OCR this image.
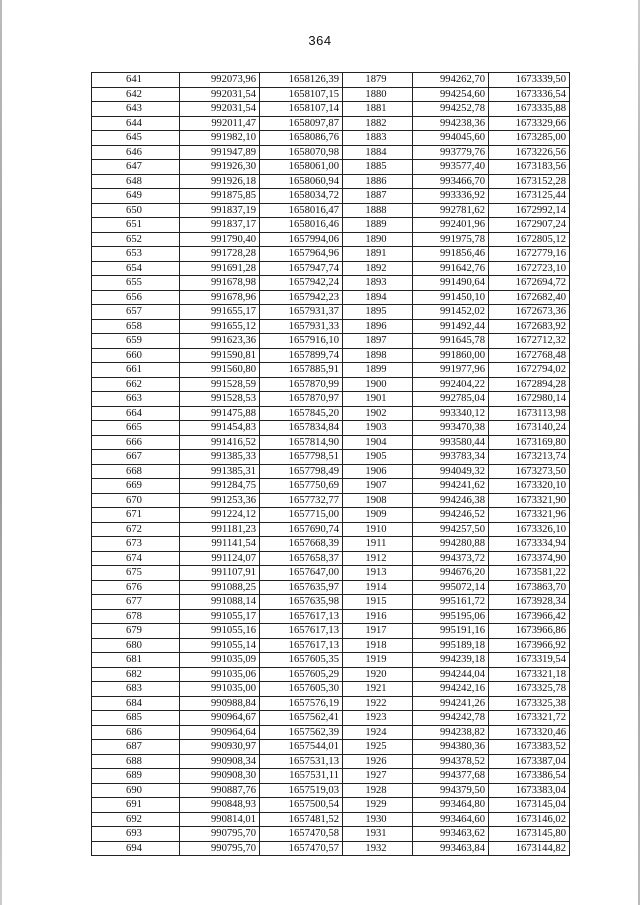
364
641	992073,96	1658126,39	1879	994262,70	1673339,50
642	992031,54	1658107,15	1880	994254,60	1673336,54
643	992031,54	1658107,14	1881	994252,78	1673335,88
644	992011,47	1658097,87	1882	994238,36	1673329,66
645	991982,10	1658086,76	1883	994045,60	1673285,00
646	991947,89	1658070,98	1884	993779,76	1673226,56
647	991926,30	1658061,00	1885	993577,40	1673183,56
648	991926,18	1658060,94	1886	993466,70	1673152,28
649	991875,85	1658034,72	1887	993336,92	1673125,44
650	991837,19	1658016,47	1888	992781,62	1672992,14
651	991837,17	1658016,46	1889	992401,96	1672907,24
652	991790,40	1657994,06	1890	991975,78	1672805,12
653	991728,28	1657964,96	1891	991856,46	1672779,16
654	991691,28	1657947,74	1892	991642,76	1672723,10
655	991678,98	1657942,24	1893	991490,64	1672694,72
656	991678,96	1657942,23	1894	991450,10	1672682,40
657	991655,17	1657931,37	1895	991452,02	1672673,36
658	991655,12	1657931,33	1896	991492,44	1672683,92
659	991623,36	1657916,10	1897	991645,78	1672712,32
660	991590,81	1657899,74	1898	991860,00	1672768,48
661	991560,80	1657885,91	1899	991977,96	1672794,02
662	991528,59	1657870,99	1900	992404,22	1672894,28
663	991528,53	1657870,97	1901	992785,04	1672980,14
664	991475,88	1657845,20	1902	993340,12	1673113,98
665	991454,83	1657834,84	1903	993470,38	1673140,24
666	991416,52	1657814,90	1904	993580,44	1673169,80
667	991385,33	1657798,51	1905	993783,34	1673213,74
668	991385,31	1657798,49	1906	994049,32	1673273,50
669	991284,75	1657750,69	1907	994241,62	1673320,10
670	991253,36	1657732,77	1908	994246,38	1673321,90
671	991224,12	1657715,00	1909	994246,52	1673321,96
672	991181,23	1657690,74	1910	994257,50	1673326,10
673	991141,54	1657668,39	1911	994280,88	1673334,94
674	991124,07	1657658,37	1912	994373,72	1673374,90
675	991107,91	1657647,00	1913	994676,20	1673581,22
676	991088,25	1657635,97	1914	995072,14	1673863,70
677	991088,14	1657635,98	1915	995161,72	1673928,34
678	991055,17	1657617,13	1916	995195,06	1673966,42
679	991055,16	1657617,13	1917	995191,16	1673966,86
680	991055,14	1657617,13	1918	995189,18	1673966,92
681	991035,09	1657605,35	1919	994239,18	1673319,54
682	991035,06	1657605,29	1920	994244,04	1673321,18
683	991035,00	1657605,30	1921	994242,16	1673325,78
684	990988,84	1657576,19	1922	994241,26	1673325,38
685	990964,67	1657562,41	1923	994242,78	1673321,72
686	990964,64	1657562,39	1924	994238,82	1673320,46
687	990930,97	1657544,01	1925	994380,36	1673383,52
688	990908,34	1657531,13	1926	994378,52	1673387,04
689	990908,30	1657531,11	1927	994377,68	1673386,54
690	990887,76	1657519,03	1928	994379,50	1673383,04
691	990848,93	1657500,54	1929	993464,80	1673145,04
692	990814,01	1657481,52	1930	993464,60	1673146,02
693	990795,70	1657470,58	1931	993463,62	1673145,80
694	990795,70	1657470,57	1932	993463,84	1673144,82
